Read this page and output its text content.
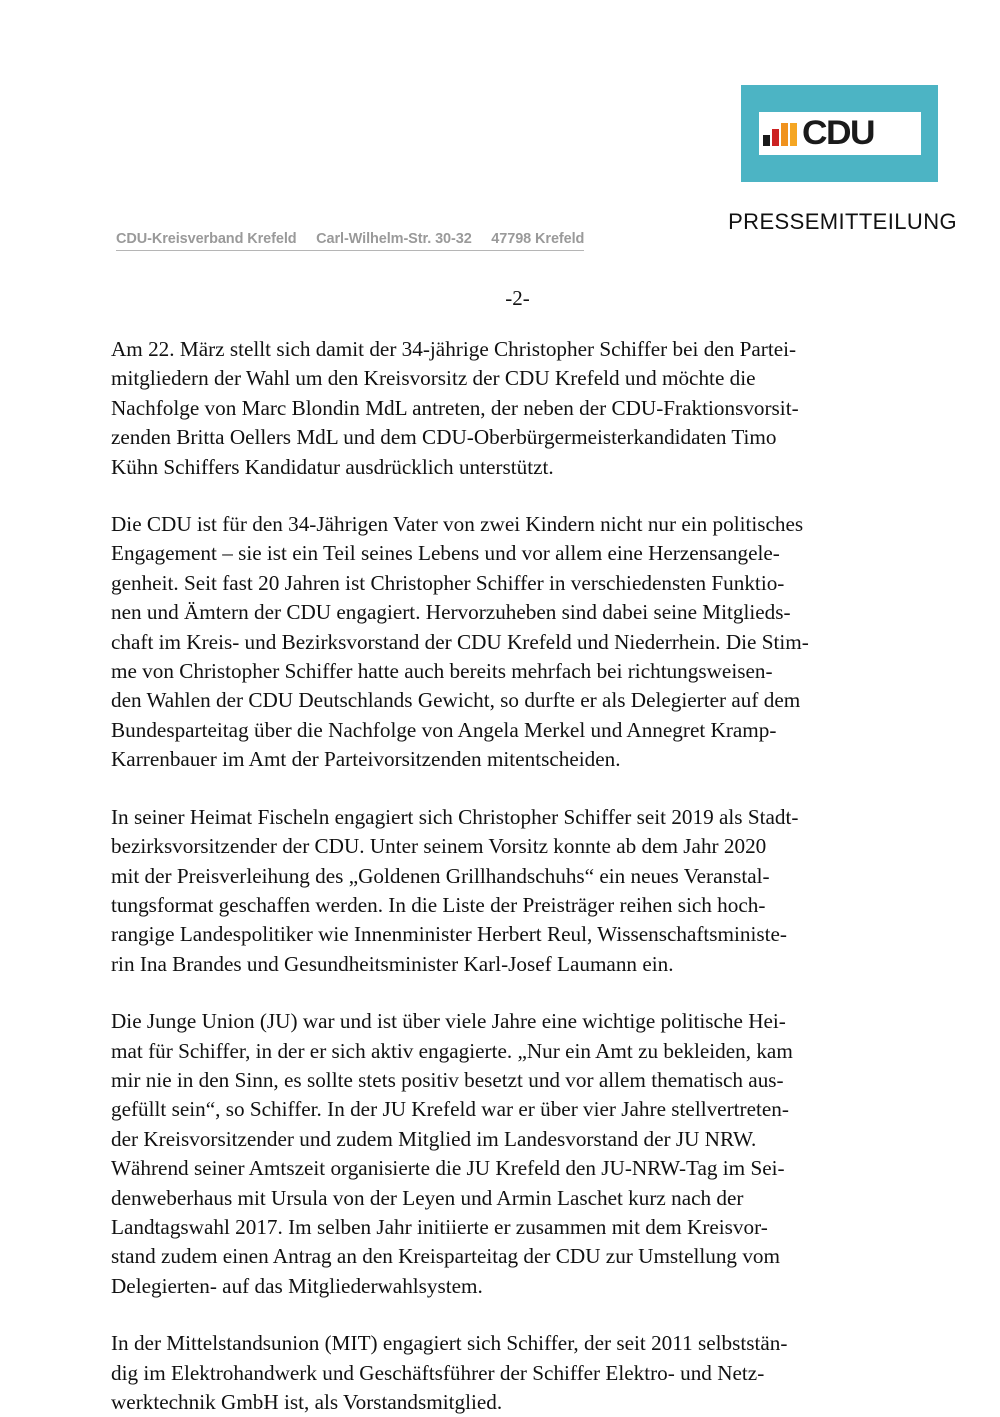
CDU
PRESSEMITTEILUNG
CDU-Kreisverband Krefeld     Carl-Wilhelm-Str. 30-32     47798 Krefeld
-2-

Am 22. März stellt sich damit der 34-jährige Christopher Schiffer bei den Partei-
mitgliedern der Wahl um den Kreisvorsitz der CDU Krefeld und möchte die
Nachfolge von Marc Blondin MdL antreten, der neben der CDU-Fraktionsvorsit-
zenden Britta Oellers MdL und dem CDU-Oberbürgermeisterkandidaten Timo
Kühn Schiffers Kandidatur ausdrücklich unterstützt.

Die CDU ist für den 34-Jährigen Vater von zwei Kindern nicht nur ein politisches
Engagement – sie ist ein Teil seines Lebens und vor allem eine Herzensangele-
genheit. Seit fast 20 Jahren ist Christopher Schiffer in verschiedensten Funktio-
nen und Ämtern der CDU engagiert. Hervorzuheben sind dabei seine Mitglieds-
chaft im Kreis- und Bezirksvorstand der CDU Krefeld und Niederrhein. Die Stim-
me von Christopher Schiffer hatte auch bereits mehrfach bei richtungsweisen-
den Wahlen der CDU Deutschlands Gewicht, so durfte er als Delegierter auf dem
Bundesparteitag über die Nachfolge von Angela Merkel und Annegret Kramp-
Karrenbauer im Amt der Parteivorsitzenden mitentscheiden.

In seiner Heimat Fischeln engagiert sich Christopher Schiffer seit 2019 als Stadt-
bezirksvorsitzender der CDU. Unter seinem Vorsitz konnte ab dem Jahr 2020
mit der Preisverleihung des „Goldenen Grillhandschuhs“ ein neues Veranstal-
tungsformat geschaffen werden. In die Liste der Preisträger reihen sich hoch-
rangige Landespolitiker wie Innenminister Herbert Reul, Wissenschaftsministe-
rin Ina Brandes und Gesundheitsminister Karl-Josef Laumann ein.

Die Junge Union (JU) war und ist über viele Jahre eine wichtige politische Hei-
mat für Schiffer, in der er sich aktiv engagierte. „Nur ein Amt zu bekleiden, kam
mir nie in den Sinn, es sollte stets positiv besetzt und vor allem thematisch aus-
gefüllt sein“, so Schiffer. In der JU Krefeld war er über vier Jahre stellvertreten-
der Kreisvorsitzender und zudem Mitglied im Landesvorstand der JU NRW.
Während seiner Amtszeit organisierte die JU Krefeld den JU-NRW-Tag im Sei-
denweberhaus mit Ursula von der Leyen und Armin Laschet kurz nach der
Landtagswahl 2017. Im selben Jahr initiierte er zusammen mit dem Kreisvor-
stand zudem einen Antrag an den Kreisparteitag der CDU zur Umstellung vom
Delegierten- auf das Mitgliederwahlsystem.

In der Mittelstandsunion (MIT) engagiert sich Schiffer, der seit 2011 selbststän-
dig im Elektrohandwerk und Geschäftsführer der Schiffer Elektro- und Netz-
werktechnik GmbH ist, als Vorstandsmitglied.
